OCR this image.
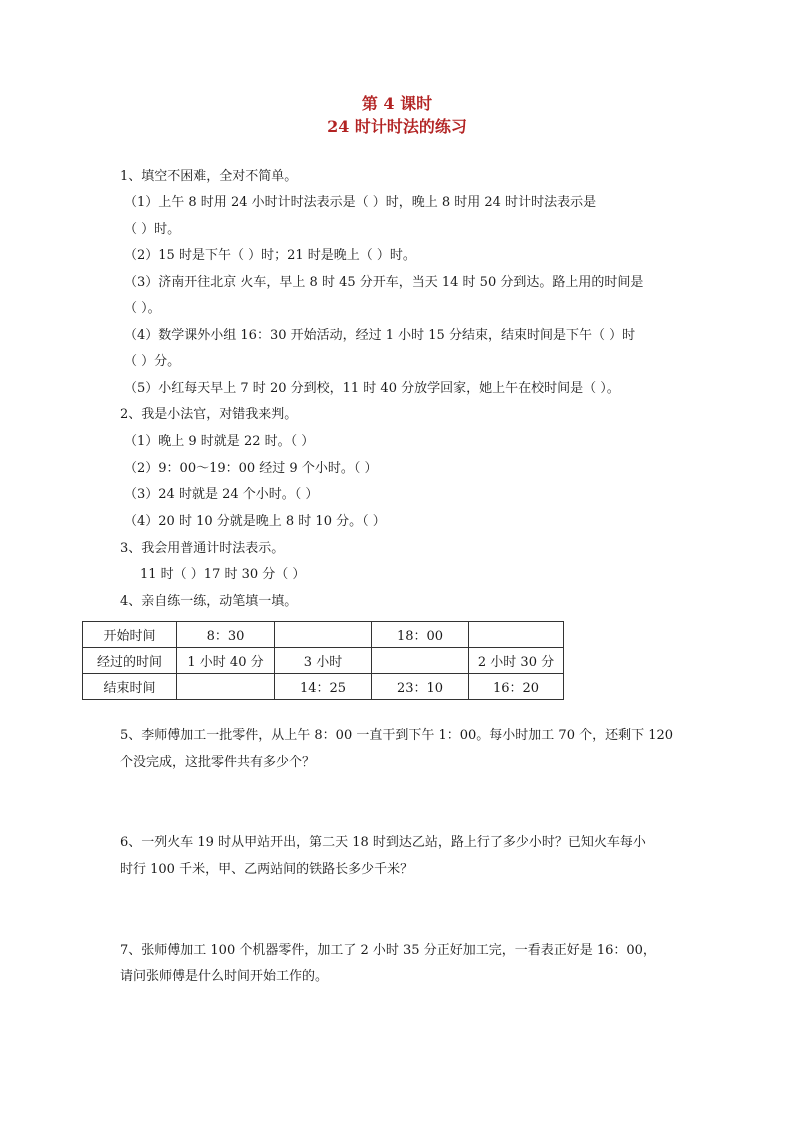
第 4 课时
24 时计时法的练习
1、填空不困难，全对不简单。
（1）上午 8 时用 24 小时计时法表示是（ ）时，晚上 8 时用 24 时计时法表示是
（ ）时。
（2）15 时是下午（ ）时；21 时是晚上（ ）时。
（3）济南开往北京 火车，早上 8 时 45 分开车，当天 14 时 50 分到达。路上用的时间是
（ ）。
（4）数学课外小组 16：30 开始活动，经过 1 小时 15 分结束，结束时间是下午（ ）时
（ ）分。
（5）小红每天早上 7 时 20 分到校，11 时 40 分放学回家，她上午在校时间是（ ）。
2、我是小法官，对错我来判。
（1）晚上 9 时就是 22 时。（ ）
（2）9：00～19：00 经过 9 个小时。（ ）
（3）24 时就是 24 个小时。（ ）
（4）20 时 10 分就是晚上 8 时 10 分。（ ）
3、我会用普通计时法表示。
11 时（ ）17 时 30 分（ ）
4、亲自练一练，动笔填一填。
开始时间	8：30		18：00	
经过的时间	1 小时 40 分	3 小时		2 小时 30 分
结束时间		14：25	23：10	16：20
5、李师傅加工一批零件，从上午 8：00 一直干到下午 1：00。每小时加工 70 个，还剩下 120
个没完成，这批零件共有多少个？
6、一列火车 19 时从甲站开出，第二天 18 时到达乙站，路上行了多少小时？已知火车每小
时行 100 千米，甲、乙两站间的铁路长多少千米？
7、张师傅加工 100 个机器零件，加工了 2 小时 35 分正好加工完，一看表正好是 16：00，
请问张师傅是什么时间开始工作的。
